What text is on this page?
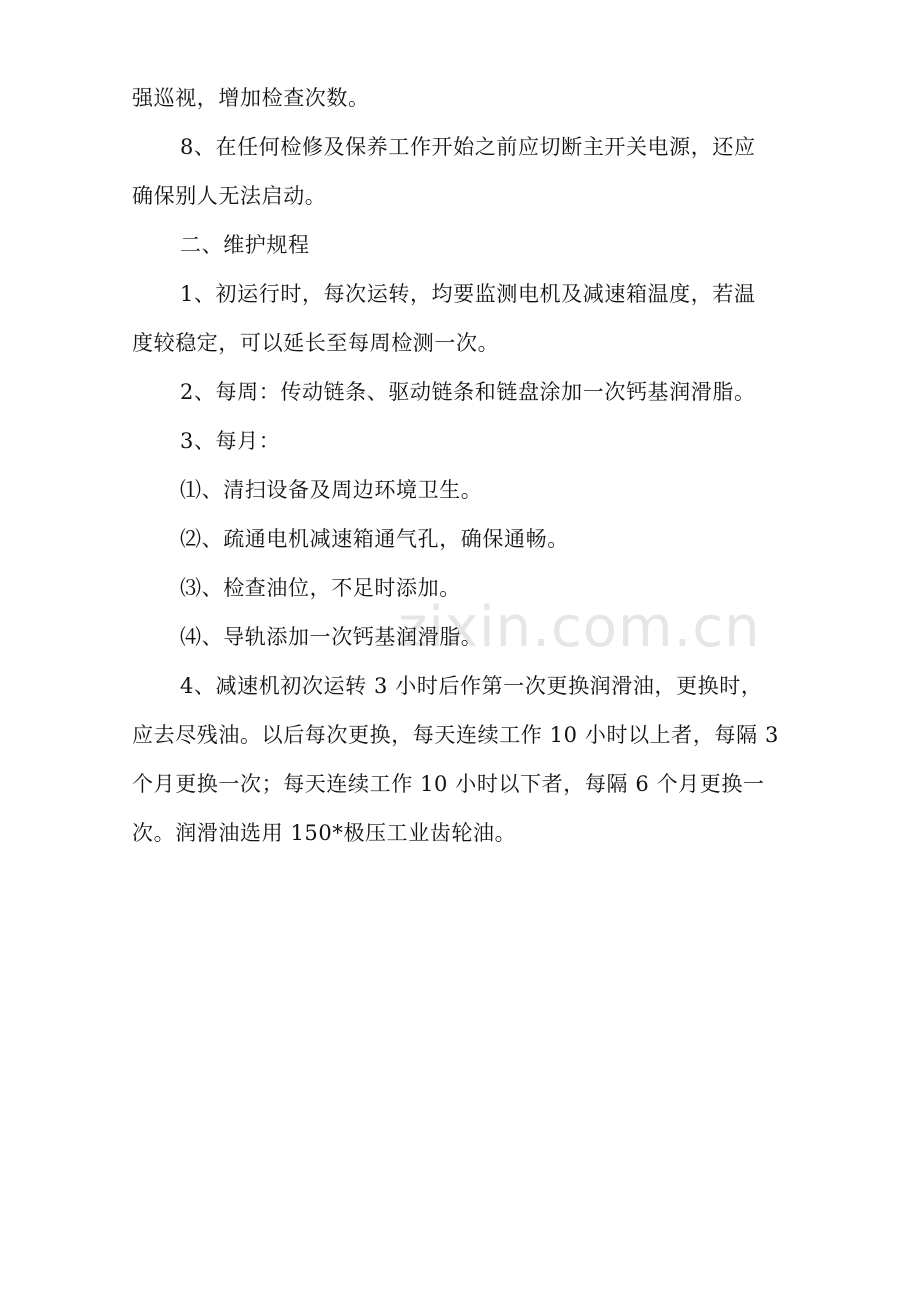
zixin.com.cn
强巡视，增加检查次数。
8、在任何检修及保养工作开始之前应切断主开关电源，还应
确保别人无法启动。
二、维护规程
1、初运行时，每次运转，均要监测电机及减速箱温度，若温
度较稳定，可以延长至每周检测一次。
2、每周：传动链条、驱动链条和链盘涂加一次钙基润滑脂。
3、每月：
⑴、清扫设备及周边环境卫生。
⑵、疏通电机减速箱通气孔，确保通畅。
⑶、检查油位，不足时添加。
⑷、导轨添加一次钙基润滑脂。
4、减速机初次运转 3 小时后作第一次更换润滑油，更换时，
应去尽残油。以后每次更换，每天连续工作 10 小时以上者，每隔 3
个月更换一次；每天连续工作 10 小时以下者，每隔 6 个月更换一
次。润滑油选用 150*极压工业齿轮油。
